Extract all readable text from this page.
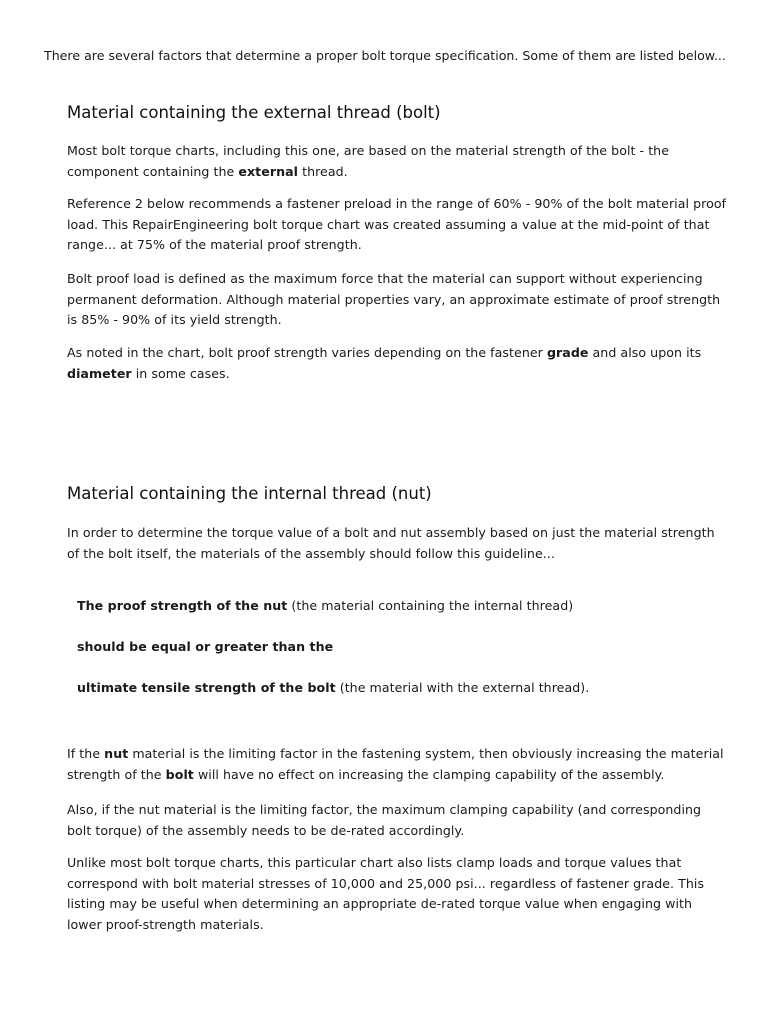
There are several factors that determine a proper bolt torque specification. Some of them are listed below...

Material containing the external thread (bolt)

Most bolt torque charts, including this one, are based on the material strength of the bolt - the component containing the external thread.

Reference 2 below recommends a fastener preload in the range of 60% - 90% of the bolt material proof load. This RepairEngineering bolt torque chart was created assuming a value at the mid-point of that range... at 75% of the material proof strength.

Bolt proof load is defined as the maximum force that the material can support without experiencing permanent deformation. Although material properties vary, an approximate estimate of proof strength is 85% - 90% of its yield strength.

As noted in the chart, bolt proof strength varies depending on the fastener grade and also upon its diameter in some cases.

Material containing the internal thread (nut)

In order to determine the torque value of a bolt and nut assembly based on just the material strength of the bolt itself, the materials of the assembly should follow this guideline...

The proof strength of the nut (the material containing the internal thread)

should be equal or greater than the

ultimate tensile strength of the bolt (the material with the external thread).

If the nut material is the limiting factor in the fastening system, then obviously increasing the material strength of the bolt will have no effect on increasing the clamping capability of the assembly.

Also, if the nut material is the limiting factor, the maximum clamping capability (and corresponding bolt torque) of the assembly needs to be de-rated accordingly.

Unlike most bolt torque charts, this particular chart also lists clamp loads and torque values that correspond with bolt material stresses of 10,000 and 25,000 psi... regardless of fastener grade. This listing may be useful when determining an appropriate de-rated torque value when engaging with lower proof-strength materials.
